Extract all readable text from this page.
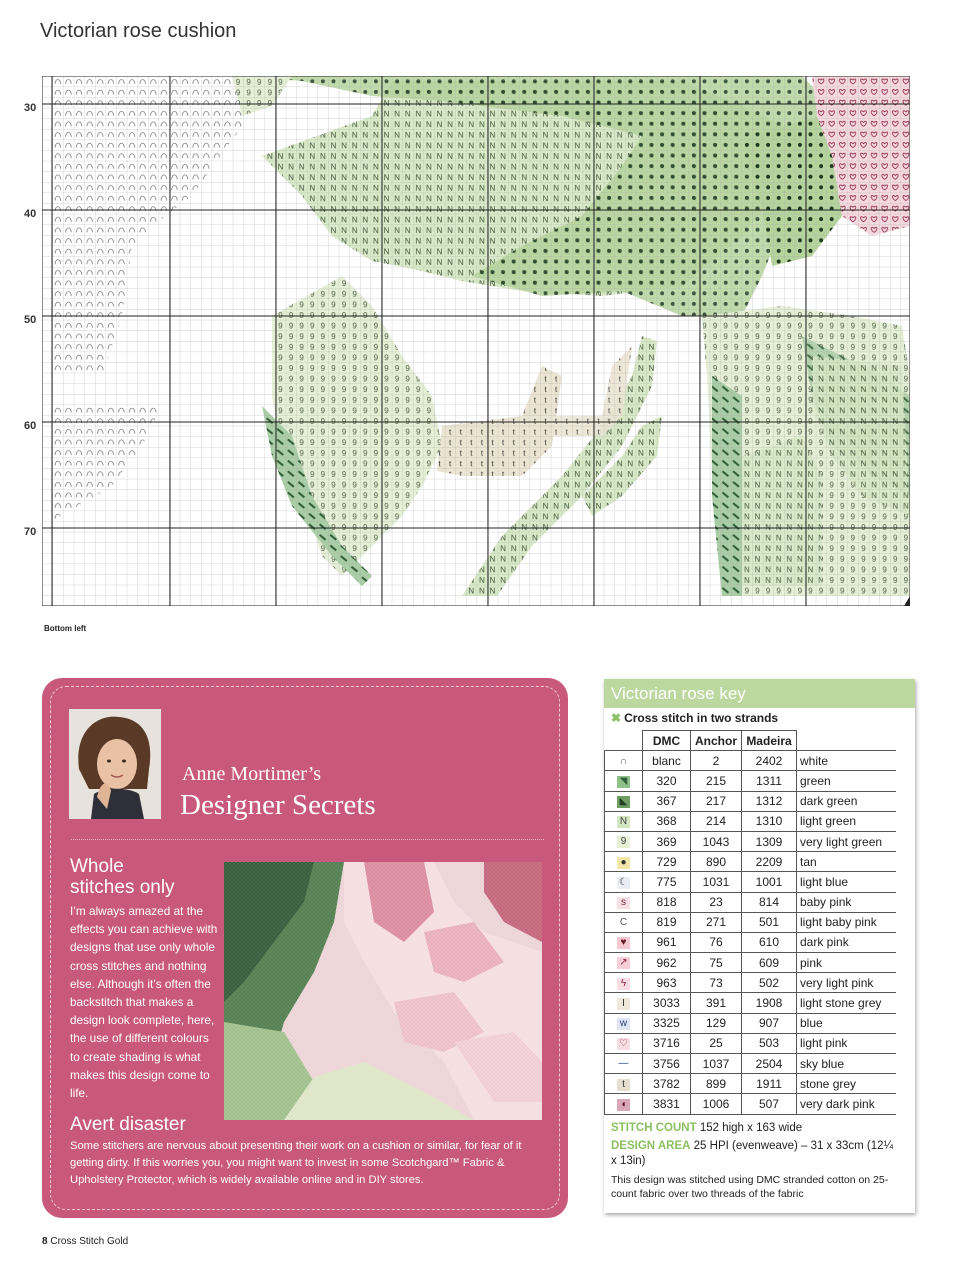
Victorian rose cushion
30
40
50
60
70
Bottom left
Anne Mortimer’s
Designer Secrets
Whole
stitches only
I’m always amazed at the effects you can achieve with designs that use only whole cross stitches and nothing else. Although it’s often the backstitch that makes a design look complete, here, the use of different colours to create shading is what makes this design come to life.
Avert disaster
Some stitchers are nervous about presenting their work on a cushion or similar, for fear of it getting dirty. If this worries you, you might want to invest in some Scotchgard™ Fabric & Upholstery Protector, which is widely available online and in DIY stores.
Victorian rose key
✖ Cross stitch in two strands
	DMC	Anchor	Madeira	
∩	blanc	2	2402	white
◥	320	215	1311	green
◣	367	217	1312	dark green
N	368	214	1310	light green
9	369	1043	1309	very light green
●	729	890	2209	tan
☾	775	1031	1001	light blue
s	818	23	814	baby pink
C	819	271	501	light baby pink
♥	961	76	610	dark pink
↗	962	75	609	pink
ϟ	963	73	502	very light pink
I	3033	391	1908	light stone grey
w	3325	129	907	blue
♡	3716	25	503	light pink
—	3756	1037	2504	sky blue
t	3782	899	1911	stone grey
◖	3831	1006	507	very dark pink
STITCH COUNT 152 high x 163 wide
DESIGN AREA 25 HPI (evenweave) – 31 x 33cm (12¼ x 13in)
This design was stitched using DMC stranded cotton on 25-count fabric over two threads of the fabric
8 Cross Stitch Gold
